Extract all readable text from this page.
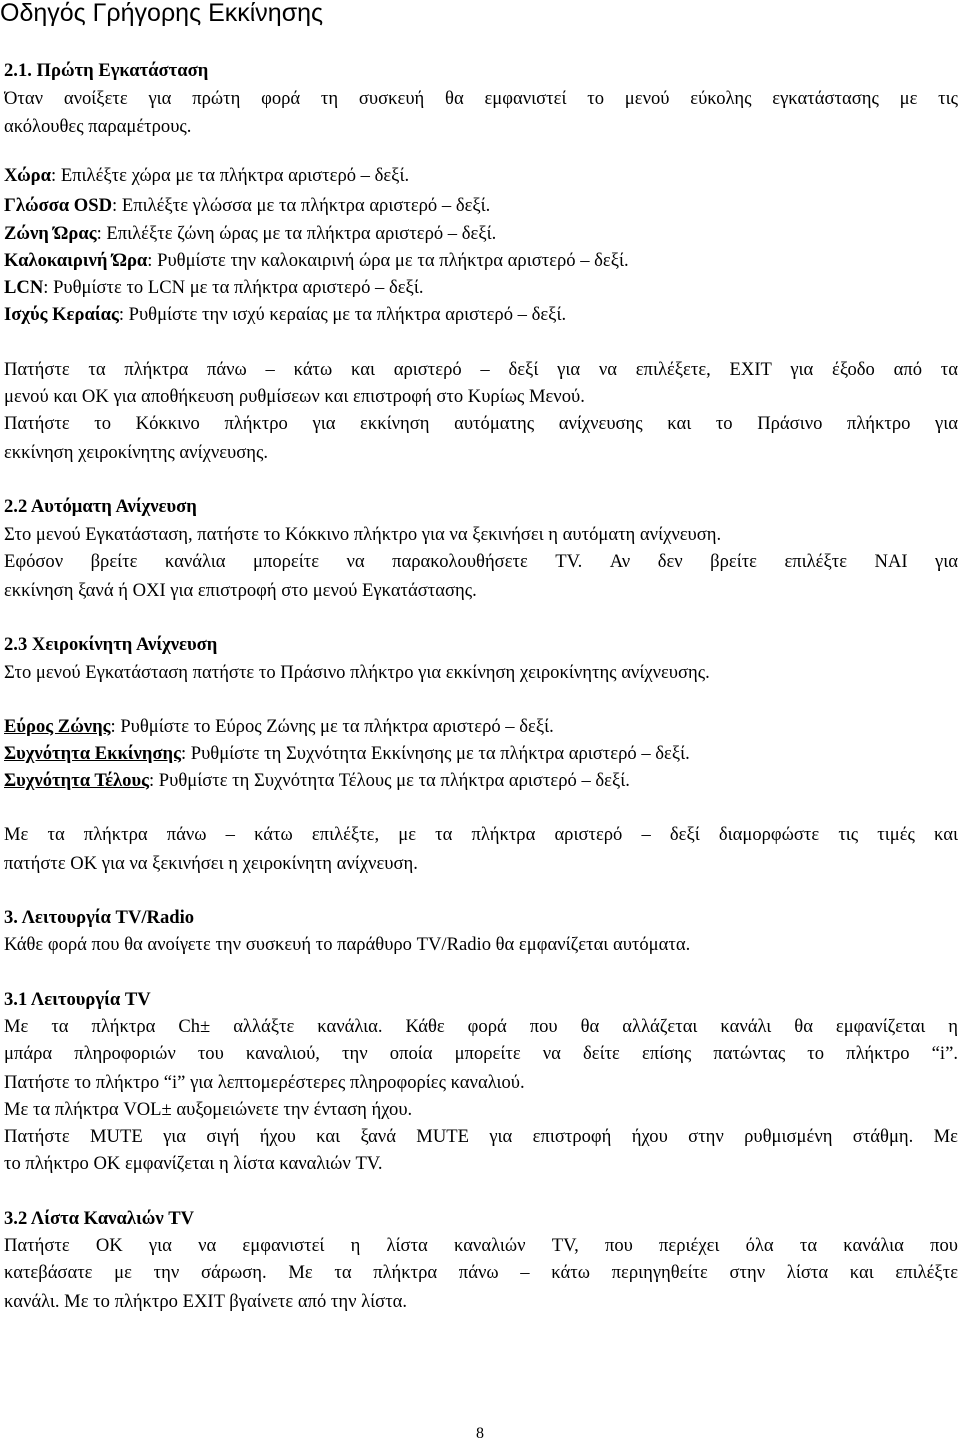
Οδηγός Γρήγορης Εκκίνησης
2.1. Πρώτη Εγκατάσταση
Όταν ανοίξετε για πρώτη φορά τη συσκευή θα εμφανιστεί το μενού εύκολης εγκατάστασης με τις
ακόλουθες παραμέτρους.
Χώρα: Επιλέξτε χώρα με τα πλήκτρα αριστερό – δεξί.
Γλώσσα OSD: Επιλέξτε γλώσσα με τα πλήκτρα αριστερό – δεξί.
Ζώνη Ώρας: Επιλέξτε ζώνη ώρας με τα πλήκτρα αριστερό – δεξί.
Καλοκαιρινή Ώρα: Ρυθμίστε την καλοκαιρινή ώρα με τα πλήκτρα αριστερό – δεξί.
LCN: Ρυθμίστε το LCN με τα πλήκτρα αριστερό – δεξί.
Ισχύς Κεραίας: Ρυθμίστε την ισχύ κεραίας με τα πλήκτρα αριστερό – δεξί.
Πατήστε τα πλήκτρα πάνω – κάτω και αριστερό – δεξί για να επιλέξετε, EXIT για έξοδο από τα
μενού και OK για αποθήκευση ρυθμίσεων και επιστροφή στο Κυρίως Μενού.
Πατήστε το Κόκκινο πλήκτρο για εκκίνηση αυτόματης ανίχνευσης και το Πράσινο πλήκτρο για
εκκίνηση χειροκίνητης ανίχνευσης.
2.2 Αυτόματη Ανίχνευση
Στο μενού Εγκατάσταση, πατήστε το Κόκκινο πλήκτρο για να ξεκινήσει η αυτόματη ανίχνευση.
Εφόσον βρείτε κανάλια μπορείτε να παρακολουθήσετε TV. Αν δεν βρείτε επιλέξτε ΝΑΙ για
εκκίνηση ξανά ή ΟΧΙ για επιστροφή στο μενού Εγκατάστασης.
2.3 Χειροκίνητη Ανίχνευση
Στο μενού Εγκατάσταση πατήστε το Πράσινο πλήκτρο για εκκίνηση χειροκίνητης ανίχνευσης.
Εύρος Ζώνης: Ρυθμίστε το Εύρος Ζώνης με τα πλήκτρα αριστερό – δεξί.
Συχνότητα Εκκίνησης: Ρυθμίστε τη Συχνότητα Εκκίνησης με τα πλήκτρα αριστερό – δεξί.
Συχνότητα Τέλους: Ρυθμίστε τη Συχνότητα Τέλους με τα πλήκτρα αριστερό – δεξί.
Με τα πλήκτρα πάνω – κάτω επιλέξτε, με τα πλήκτρα αριστερό – δεξί διαμορφώστε τις τιμές και
πατήστε OK για να ξεκινήσει η χειροκίνητη ανίχνευση.
3. Λειτουργία TV/Radio
Κάθε φορά που θα ανοίγετε την συσκευή το παράθυρο TV/Radio θα εμφανίζεται αυτόματα.
3.1 Λειτουργία TV
Με τα πλήκτρα Ch± αλλάξτε κανάλια. Κάθε φορά που θα αλλάζεται κανάλι θα εμφανίζεται η
μπάρα πληροφοριών του καναλιού, την οποία μπορείτε να δείτε επίσης πατώντας το πλήκτρο “i”.
Πατήστε το πλήκτρο “i” για λεπτομερέστερες πληροφορίες καναλιού.
Με τα πλήκτρα VOL± αυξομειώνετε την ένταση ήχου.
Πατήστε MUTE για σιγή ήχου και ξανά MUTE για επιστροφή ήχου στην ρυθμισμένη στάθμη. Με
το πλήκτρο OK εμφανίζεται η λίστα καναλιών TV.
3.2 Λίστα Καναλιών TV
Πατήστε OK για να εμφανιστεί η λίστα καναλιών TV, που περιέχει όλα τα κανάλια που
κατεβάσατε με την σάρωση. Με τα πλήκτρα πάνω – κάτω περιηγηθείτε στην λίστα και επιλέξτε
κανάλι. Με το πλήκτρο EXIT βγαίνετε από την λίστα.
8
